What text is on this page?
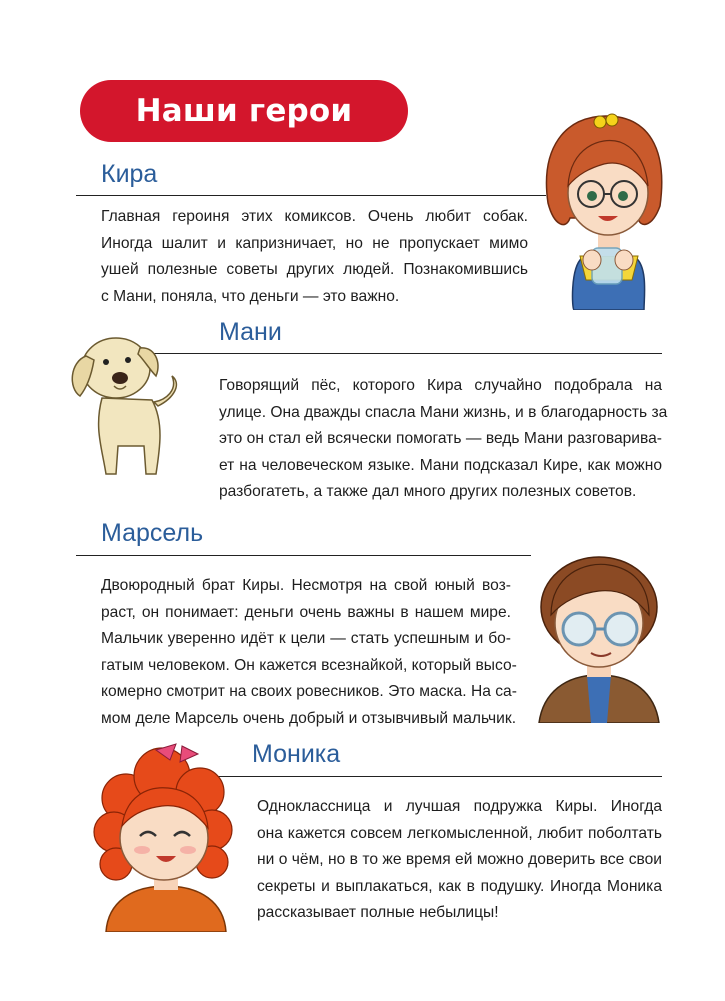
Наши герои
Кира
Главная героиня этих комиксов. Очень любит собак.
Иногда шалит и капризничает, но не пропускает мимо
ушей полезные советы других людей. Познакомившись
с Мани, поняла, что деньги — это важно.
Мани
Говорящий пёс, которого Кира случайно подобрала на
улице. Она дважды спасла Мани жизнь, и в благодарность за
это он стал ей всячески помогать — ведь Мани разговарива-
ет на человеческом языке. Мани подсказал Кире, как можно
разбогатеть, а также дал много других полезных советов.
Марсель
Двоюродный брат Киры. Несмотря на свой юный воз-
раст, он понимает: деньги очень важны в нашем мире.
Мальчик уверенно идёт к цели — стать успешным и бо-
гатым человеком. Он кажется всезнайкой, который высо-
комерно смотрит на своих ровесников. Это маска. На са-
мом деле Марсель очень добрый и отзывчивый мальчик.
Моника
Одноклассница и лучшая подружка Киры. Иногда
она кажется совсем легкомысленной, любит поболтать
ни о чём, но в то же время ей можно доверить все свои
секреты и выплакаться, как в подушку. Иногда Моника
рассказывает полные небылицы!
